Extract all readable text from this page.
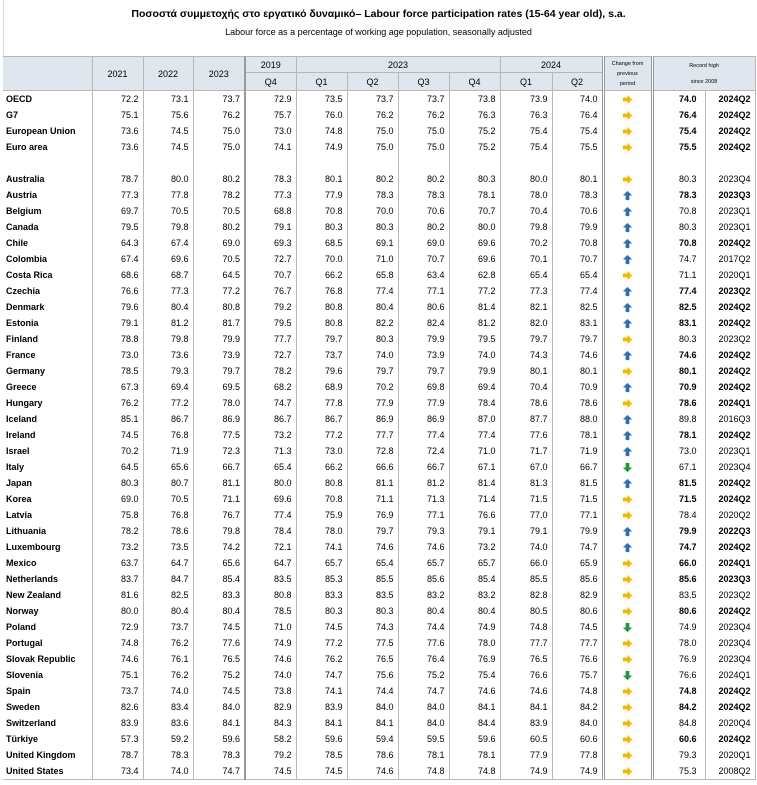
Ποσοστά συμμετοχής στο εργατικό δυναμικό– Labour force participation rates (15-64 year old), s.a.
Labour force as a percentage of working age population, seasonally adjusted
	2021	2022	2023	2019	2023				2024		Change from
previous
period	Record high
since 2008	

				Q4	Q1	Q2	Q3	Q4	Q1	Q2			
OECD	72.2	73.1	73.7	72.9	73.5	73.7	73.7	73.8	73.9	74.0		74.0	2024Q2
G7	75.1	75.6	76.2	75.7	76.0	76.2	76.2	76.3	76.3	76.4		76.4	2024Q2
European Union	73.6	74.5	75.0	73.0	74.8	75.0	75.0	75.2	75.4	75.4		75.4	2024Q2
Euro area	73.6	74.5	75.0	74.1	74.9	75.0	75.0	75.2	75.4	75.5		75.5	2024Q2

Australia	78.7	80.0	80.2	78.3	80.1	80.2	80.2	80.3	80.0	80.1		80.3	2023Q4
Austria	77.3	77.8	78.2	77.3	77.9	78.3	78.3	78.1	78.0	78.3		78.3	2023Q3
Belgium	69.7	70.5	70.5	68.8	70.8	70.0	70.6	70.7	70.4	70.6		70.8	2023Q1
Canada	79.5	79.8	80.2	79.1	80.3	80.3	80.2	80.0	79.8	79.9		80.3	2023Q1
Chile	64.3	67.4	69.0	69.3	68.5	69.1	69.0	69.6	70.2	70.8		70.8	2024Q2
Colombia	67.4	69.6	70.5	72.7	70.0	71.0	70.7	69.6	70.1	70.7		74.7	2017Q2
Costa Rica	68.6	68.7	64.5	70.7	66.2	65.8	63.4	62.8	65.4	65.4		71.1	2020Q1
Czechia	76.6	77.3	77.2	76.7	76.8	77.4	77.1	77.2	77.3	77.4		77.4	2023Q2
Denmark	79.6	80.4	80.8	79.2	80.8	80.4	80.6	81.4	82.1	82.5		82.5	2024Q2
Estonia	79.1	81.2	81.7	79.5	80.8	82.2	82.4	81.2	82.0	83.1		83.1	2024Q2
Finland	78.8	79.8	79.9	77.7	79.7	80.3	79.9	79.5	79.7	79.7		80.3	2023Q2
France	73.0	73.6	73.9	72.7	73.7	74.0	73.9	74.0	74.3	74.6		74.6	2024Q2
Germany	78.5	79.3	79.7	78.2	79.6	79.7	79.7	79.9	80.1	80.1		80.1	2024Q2
Greece	67.3	69.4	69.5	68.2	68.9	70.2	69.8	69.4	70.4	70.9		70.9	2024Q2
Hungary	76.2	77.2	78.0	74.7	77.8	77.9	77.9	78.4	78.6	78.6		78.6	2024Q1
Iceland	85.1	86.7	86.9	86.7	86.7	86.9	86.9	87.0	87.7	88.0		89.8	2016Q3
Ireland	74.5	76.8	77.5	73.2	77.2	77.7	77.4	77.4	77.6	78.1		78.1	2024Q2
Israel	70.2	71.9	72.3	71.3	73.0	72.8	72.4	71.0	71.7	71.9		73.0	2023Q1
Italy	64.5	65.6	66.7	65.4	66.2	66.6	66.7	67.1	67.0	66.7		67.1	2023Q4
Japan	80.3	80.7	81.1	80.0	80.8	81.1	81.2	81.4	81.3	81.5		81.5	2024Q2
Korea	69.0	70.5	71.1	69.6	70.8	71.1	71.3	71.4	71.5	71.5		71.5	2024Q2
Latvia	75.8	76.8	76.7	77.4	75.9	76.9	77.1	76.6	77.0	77.1		78.4	2020Q2
Lithuania	78.2	78.6	79.8	78.4	78.0	79.7	79.3	79.1	79.1	79.9		79.9	2022Q3
Luxembourg	73.2	73.5	74.2	72.1	74.1	74.6	74.6	73.2	74.0	74.7		74.7	2024Q2
Mexico	63.7	64.7	65.6	64.7	65.7	65.4	65.7	65.7	66.0	65.9		66.0	2024Q1
Netherlands	83.7	84.7	85.4	83.5	85.3	85.5	85.6	85.4	85.5	85.6		85.6	2023Q3
New Zealand	81.6	82.5	83.3	80.8	83.3	83.5	83.2	83.2	82.8	82.9		83.5	2023Q2
Norway	80.0	80.4	80.4	78.5	80.3	80.3	80.4	80.4	80.5	80.6		80.6	2024Q2
Poland	72.9	73.7	74.5	71.0	74.5	74.3	74.4	74.9	74.8	74.5		74.9	2023Q4
Portugal	74.8	76.2	77.6	74.9	77.2	77.5	77.6	78.0	77.7	77.7		78.0	2023Q4
Slovak Republic	74.6	76.1	76.5	74.6	76.2	76.5	76.4	76.9	76.5	76.6		76.9	2023Q4
Slovenia	75.1	76.2	75.2	74.0	74.7	75.6	75.2	75.4	76.6	75.7		76.6	2024Q1
Spain	73.7	74.0	74.5	73.8	74.1	74.4	74.7	74.6	74.6	74.8		74.8	2024Q2
Sweden	82.6	83.4	84.0	82.9	83.9	84.0	84.0	84.1	84.1	84.2		84.2	2024Q2
Switzerland	83.9	83.6	84.1	84.3	84.1	84.1	84.0	84.4	83.9	84.0		84.8	2020Q4
Türkiye	57.3	59.2	59.6	58.2	59.6	59.4	59.5	59.6	60.5	60.6		60.6	2024Q2
United Kingdom	78.7	78.3	78.3	79.2	78.5	78.6	78.1	78.1	77.9	77.8		79.3	2020Q1
United States	73.4	74.0	74.7	74.5	74.5	74.6	74.8	74.8	74.9	74.9		75.3	2008Q2
